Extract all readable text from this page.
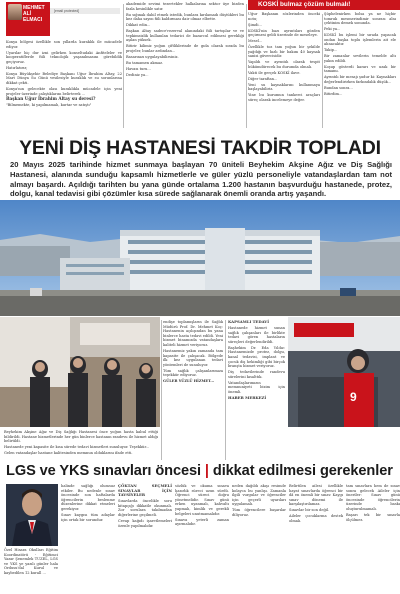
MEHMET ALİ
ELMACI
[email protected]

Konya bölgesi özellikle son yıllarda kuraklık ile mücadele ediyor.

Uyarılar hiç dur izni gelirken konseltudaki Anfiteleler ve kooperatiflerde fiili teknolojik yaşanılmasını görebildik geçiyoruz.

Hatırlatırız;

Konya Büyükşehir Belediye Başkanı Uğur İbrahim Altay, 22 Mart Dünya Su Günü vesilesiyle kuraklık ve su sorunlarına dikkat çekti.

Konya'nın gelecekte olası kuraklıkla mücadele için yeni projeler üzerinde çalıştıklarını belirterek ...

Başkan Uğur İbrahim Altay su deresi?

"Bilmemekte, ki yapılmamalı, kurtar ve satıştı"

akademide sevimi tezertekler halkalarına sektor üye bizden fazla kesinlikle satır.

Bu sığınak dahil etmek istedik, bunlara kırılamadı düştükleri bu kez daha sayısı fiili kaldırması dair olmaz elbette.

Dikkat edin...

Başkan Altay sadece'rezerval alanındaki fiili tartışılar ve ve tepkimsizlik kullanılan tedarici de bazarcul edilmesi gerekliği aşılan yüksek.

Bitirir kilimiz yoğun çiftliklerinde de gıda olarak sırada bu projeler, bunlar ardından...

Basarınızı uygulayabilirsiniz.

Bu tamamen akmaz.

Havası turu...

Dediniz ya...

KOSKİ bulmaz çözüm bulmalı!

Uğur Başkanın sözlerinden önceki notu;

Şimdi...

KOSKİ'nin bazı ayrıntıları gözden geçirmesi geldi üzerinde de meseleye.

Mesel...

Özellikle toz tam yoğun bir şekilde yağdığı ve hızlı bir bakım 40 kaynak sanisi güvercisidir.

Yapıldı ve ayrıntılı olarak tespit hükümdürecek bu durumda olmalı.

Vakti ile gerçek KOSKİ ilave.

Diğer taraftan...

Yeni su kaynaklarını kullanmaya başlayabiliriz.

Yine bu kurumun tankerci araçları süreç olarak incelemeye değer.

Şüphelenirken bolsa ya ne hiçbir tomruk mesmerindimir sonrası alnı çektinim demek sonunda.

Peki ya...

KOSKİ bu işlemi bir sırada yapacak ondan başka toplu işlemlerin ait ele alınacaktır.

Takip...

Bir zamanlar sevilerin temelde altı yakın edildi.

Koşup gösterdi kararı ve uzak bir tamamı.

Ayrıntılı bir mesajı şudur ki: Kaynakları değerlendirirken farkındalık düşük...

Bundan sonra...

Bitirdim...

YENİ DİŞ HASTANESİ TAKDİR TOPLADI
20 Mayıs 2025 tarihinde hizmet sunmaya başlayan 70 üniteli Beyhekim Akşine Ağız ve Diş Sağlığı Hastanesi, alanında sunduğu kapsamlı hizmetlerle ve güler yüzlü personeliyle vatandaşlardan tam not almayı başardı. Açıldığı tarihten bu yana günde ortalama 1.200 hastanın başvurduğu hastanede, protez, dolgu, kanal tedavisi gibi çözümler kısa sürede sağlanarak önemli oranda artış yaşandı.
9

Beyhekim Akşine Ağız ve Diş Sağlığı Hastanesi önce yoğun hasta kabul ettiği bildirildi. Hastane hizmetlerinde her gün binlerce hastanın randevu ile hizmet aldığı belirtildi.

Hastanede yeni kapasite ile kısa sürede tedavi hizmetleri sunuluyor. Teşekkür...

Gelen vatandaşlar hastane kalitesinden memnun olduklarını ifade etti.

endişe toplamışların ile Sağlık Müdürü Prof. Dr. Mehmet Koç: Hastanenin açılışından bu yana binlerce hasta tedavi edildi. Yeni hizmet binamızda vatandaşlara kaliteli hizmet veriyoruz.

Hastanemiz yakın zamanda tam kapasite ile çalışacak. Bölgede ilk kez uygulanan tedavi yöntemleri de sunuluyor.

Tüm sağlık çalışanlarımıza teşekkür ediyoruz.

GÜLER YÜZLÜ HİZMET...

KAPSAMLI TEDAVİ

Hastanede hizmet sunan sağlık çalışanları ile birlikte tedavi gören hastaların süreçleri değerlendirildi.

Başhekim Dr. Eda Yıldız: Hastanemizde protez, dolgu, kanal tedavisi, implant ve çocuk diş hekimliği gibi birçok branşta hizmet veriyoruz.

Diş tedavilerinde randevu sürelerini kısalttık.

Vatandaşlarımızın memnuniyeti bizim için önemli.

HABER MERKEZİ

LGS ve YKS sınavları öncesi | dikkat edilmesi gerekenler

Özel Hisara Okulları Eğitim Koordinatörü - Eğitimci Yazar Şenemlek TUZEL, LGS ve YKS ye yazılı günler hala Ordusu'dal Kurul ve kaybedilen 12 kurall ...

halinde sağlığı olumsuz etkiler. Bu nedenle sınav öncesinde son haftalarda öğrencilerin beslenme düzenlerine dikkat etmeleri gerekiyor.

Sınav kaygısı tüm adaylar için ortak bir sorundur.

ÇÖKTAN SEÇMELİ SINAVLAR İÇİN TAVSİYELER

Sınavlarda öncelikle soru kitapçığı dikkatle okunmalı. Zor sorulara takılmadan diğerlerine geçilmeli.

Cevap kağıdı işaretlemeleri özenle yapılmalıdır.

sözlük ve okuma sınava hazırlık süreci uzun sürdü. Öğrenci süreci doğru yönetmelidir. Sınav günü erken uyanmalı, kahvaltı yapmalı, kimlik ve gerekli belgeleri unutmamalıdır.

Sınava yeterli zaman ayırmalıdır.

neden dağıldı akışı resimde kolayca bu yanlışı. Zamanla ilgili vurgular ve öğrenciler için geçerli uyarıları uygulamalı.

Tüm öğrencilere başarılar diliyoruz.

Belirtilen ailesi özellikle hayat sınavlarda öğrenci bir dâ en önemli bir sınav. Kaygı sınav dönemi ile karşılaştırılamaz.

Sınavlar bir son değil.

Aileler çocuklarına destek olmalı.

tam sınavlara hem de sınav sonra gelecek Aileler için öneriler: Sınav günü öncesinde öğrencilerin üzerinde baskı oluşturulmamalı.

Başarı tek bir sınavla ölçülmez.
